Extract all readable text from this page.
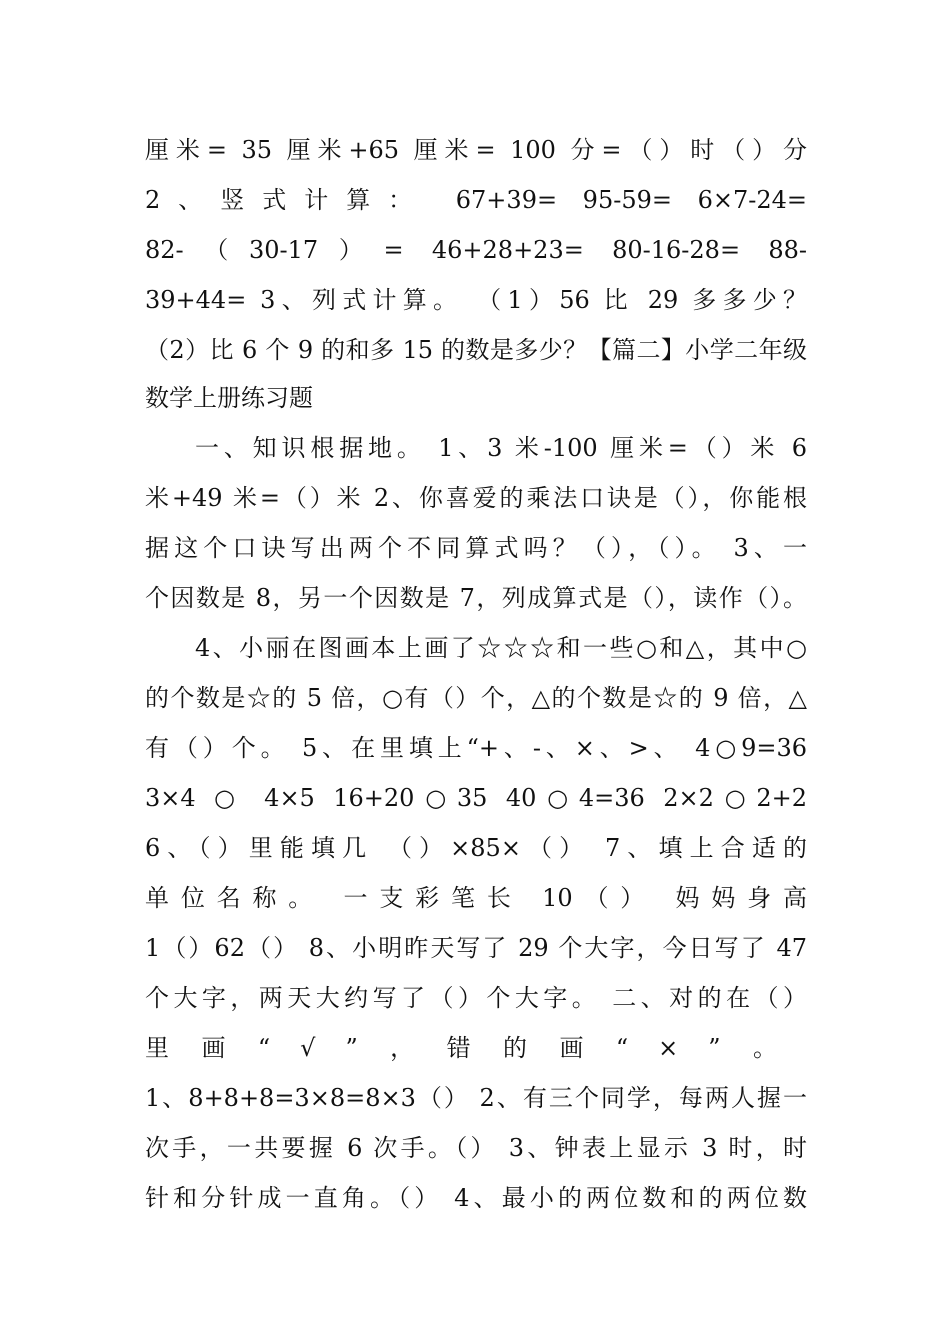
厘米= 35 厘米+65 厘米= 100 分=（）时（）分
2、竖式计算： 67+39= 95-59= 6×7-24=
82-（30-17）= 46+28+23= 80-16-28= 88-
39+44= 3、列式计算。 （1）56 比 29 多多少？
（2）比 6 个 9 的和多 15 的数是多少？【篇二】小学二年级
数学上册练习题
一、知识根据地。 1、3 米-100 厘米=（）米 6
米+49 米=（）米 2、你喜爱的乘法口诀是（），你能根
据这个口诀写出两个不同算式吗？（），（）。 3、一
个因数是 8，另一个因数是 7，列成算式是（），读作（）。
4、小丽在图画本上画了☆☆☆和一些○和△，其中○
的个数是☆的 5 倍，○有（）个，△的个数是☆的 9 倍，△
有（）个。 5、在里填上“+、-、×、>、 4○9=36
3×4 ○ 4×5 16+20○35 40○4=36 2×2○2+2
6、（）里能填几 （）×85×（） 7、填上合适的
单位名称。 一支彩笔长 10（） 妈妈身高
1（）62（） 8、小明昨天写了 29 个大字，今日写了 47
个大字，两天大约写了（）个大字。 二、对的在（）
里画“√”，错的画“×”。
1、8+8+8=3×8=8×3（） 2、有三个同学，每两人握一
次手，一共要握 6 次手。（） 3、钟表上显示 3 时，时
针和分针成一直角。（） 4、最小的两位数和的两位数
